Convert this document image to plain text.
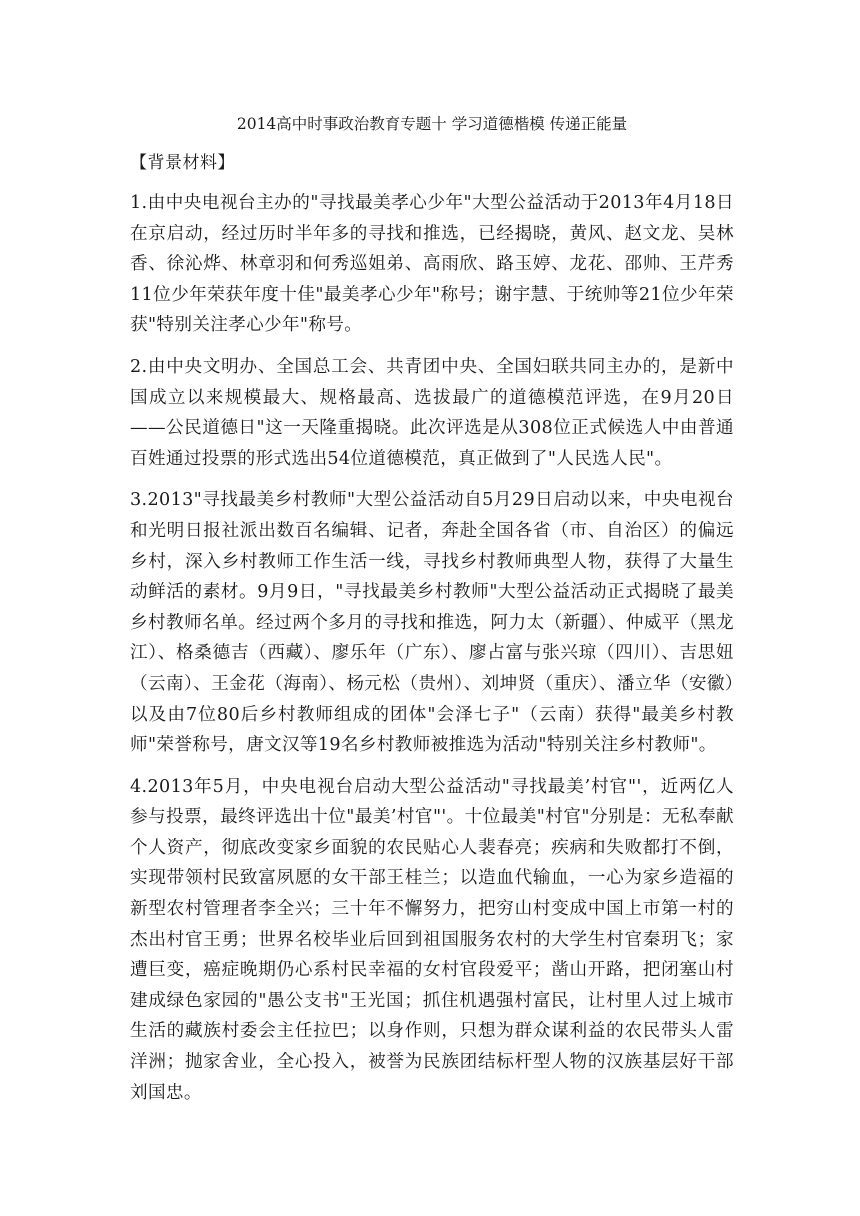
2014高中时事政治教育专题十 学习道德楷模 传递正能量
【背景材料】

1.由中央电视台主办的"寻找最美孝心少年"大型公益活动于2013年4月18日在京启动，经过历时半年多的寻找和推选，已经揭晓，黄风、赵文龙、吴林香、徐沁烨、林章羽和何秀巡姐弟、高雨欣、路玉婷、龙花、邵帅、王芹秀11位少年荣获年度十佳"最美孝心少年"称号；谢宇慧、于统帅等21位少年荣获"特别关注孝心少年"称号。

2.由中央文明办、全国总工会、共青团中央、全国妇联共同主办的，是新中国成立以来规模最大、规格最高、选拔最广的道德模范评选，在9月20日——公民道德日"这一天隆重揭晓。此次评选是从308位正式候选人中由普通百姓通过投票的形式选出54位道德模范，真正做到了"人民选人民"。

3.2013"寻找最美乡村教师"大型公益活动自5月29日启动以来，中央电视台和光明日报社派出数百名编辑、记者，奔赴全国各省（市、自治区）的偏远乡村，深入乡村教师工作生活一线，寻找乡村教师典型人物，获得了大量生动鲜活的素材。9月9日，"寻找最美乡村教师"大型公益活动正式揭晓了最美乡村教师名单。经过两个多月的寻找和推选，阿力太（新疆）、仲威平（黑龙江）、格桑德吉（西藏）、廖乐年（广东）、廖占富与张兴琼（四川）、吉思妞（云南）、王金花（海南）、杨元松（贵州）、刘坤贤（重庆）、潘立华（安徽）以及由7位80后乡村教师组成的团体"会泽七子"（云南）获得"最美乡村教师"荣誉称号，唐文汉等19名乡村教师被推选为活动"特别关注乡村教师"。

4.2013年5月，中央电视台启动大型公益活动"寻找最美’村官"'，近两亿人参与投票，最终评选出十位"最美’村官"'。十位最美"村官"分别是：无私奉献个人资产，彻底改变家乡面貌的农民贴心人裴春亮；疾病和失败都打不倒，实现带领村民致富夙愿的女干部王桂兰；以造血代输血，一心为家乡造福的新型农村管理者李全兴；三十年不懈努力，把穷山村变成中国上市第一村的杰出村官王勇；世界名校毕业后回到祖国服务农村的大学生村官秦玥飞；家遭巨变，癌症晚期仍心系村民幸福的女村官段爱平；凿山开路，把闭塞山村建成绿色家园的"愚公支书"王光国；抓住机遇强村富民，让村里人过上城市生活的藏族村委会主任拉巴；以身作则，只想为群众谋利益的农民带头人雷洋洲；抛家舍业，全心投入，被誉为民族团结标杆型人物的汉族基层好干部刘国忠。
